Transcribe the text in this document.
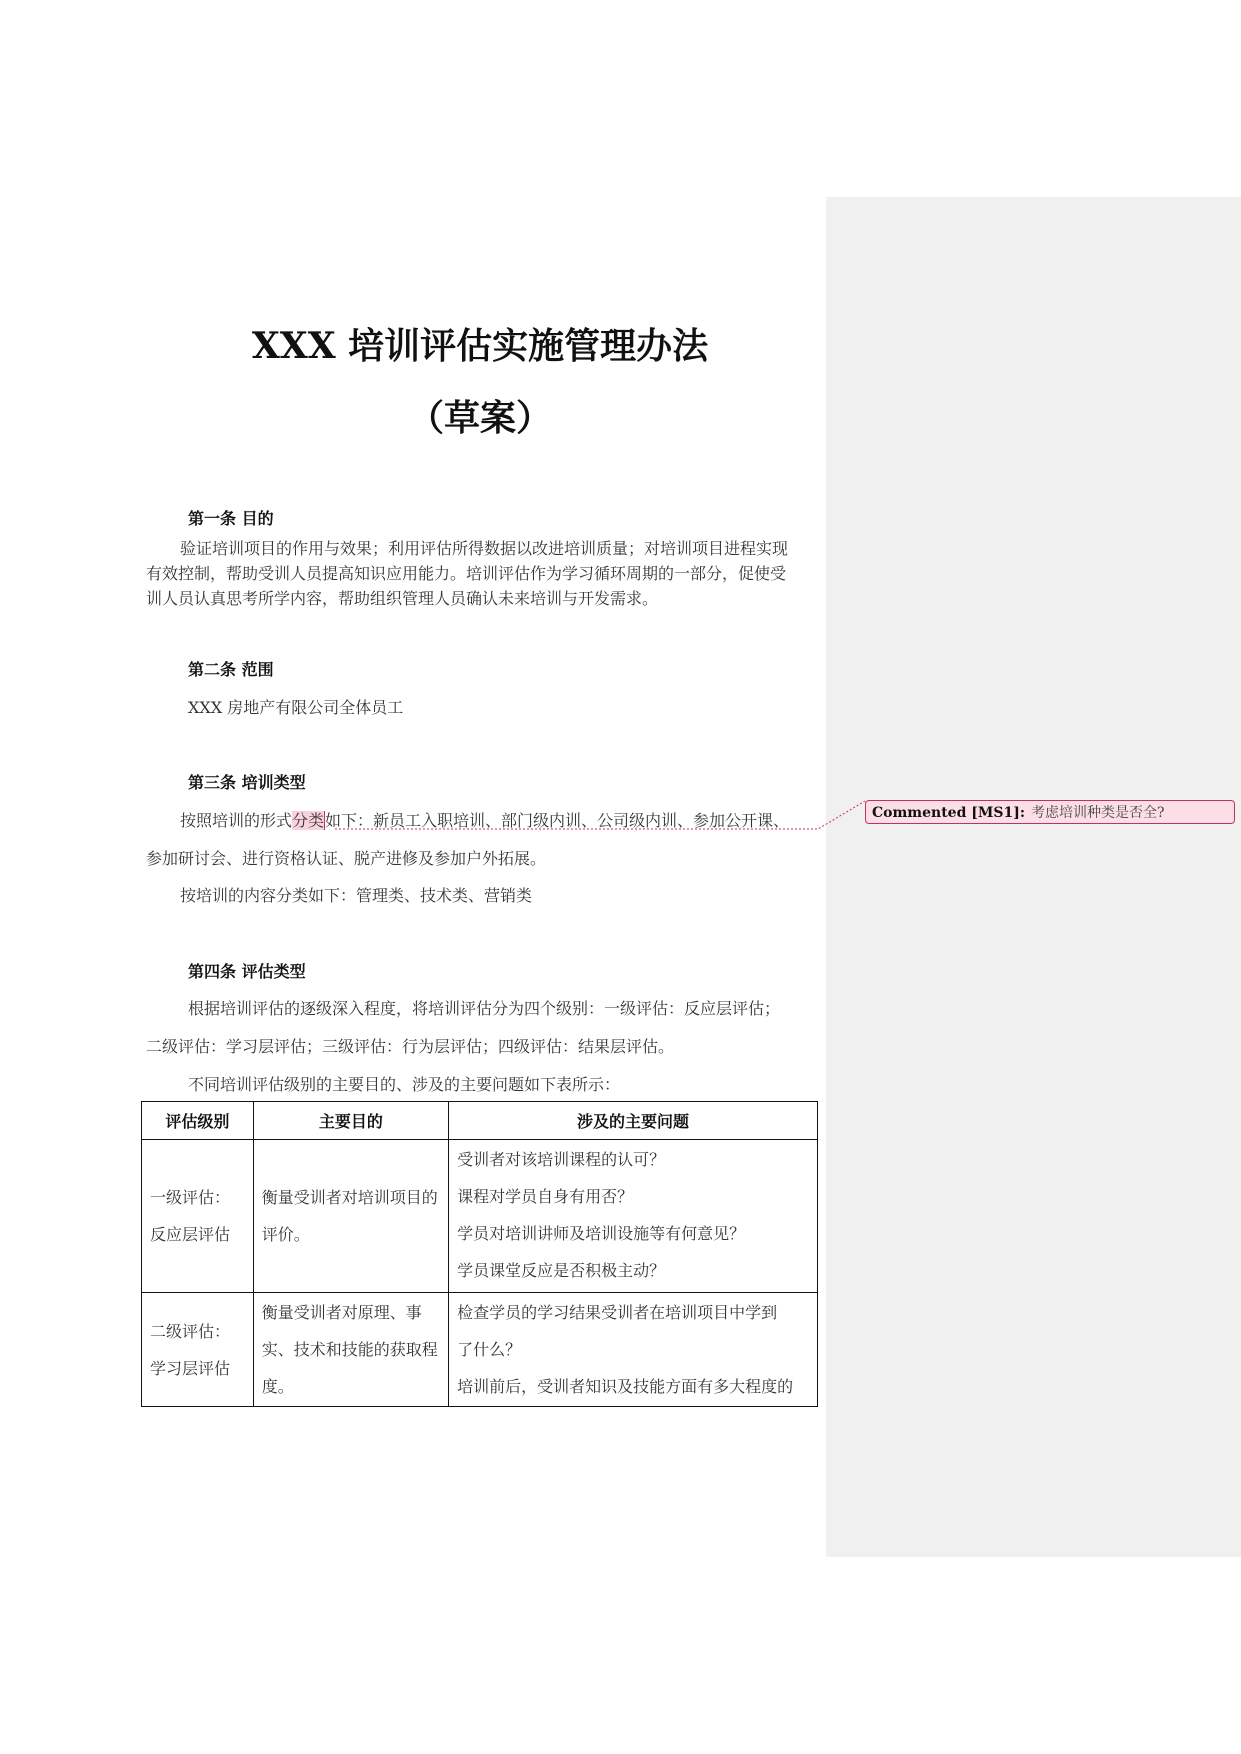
Commented [MS1]: 考虑培训种类是否全?
XXX 培训评估实施管理办法
（草案）
第一条 目的
验证培训项目的作用与效果；利用评估所得数据以改进培训质量；对培训项目进程实现
有效控制，帮助受训人员提高知识应用能力。培训评估作为学习循环周期的一部分，促使受
训人员认真思考所学内容，帮助组织管理人员确认未来培训与开发需求。
第二条 范围
XXX 房地产有限公司全体员工
第三条 培训类型
按照培训的形式分类如下：新员工入职培训、部门级内训、公司级内训、参加公开课、
参加研讨会、进行资格认证、脱产进修及参加户外拓展。
按培训的内容分类如下：管理类、技术类、营销类
第四条 评估类型
根据培训评估的逐级深入程度，将培训评估分为四个级别：一级评估：反应层评估；
二级评估：学习层评估；三级评估：行为层评估；四级评估：结果层评估。
不同培训评估级别的主要目的、涉及的主要问题如下表所示：
评估级别	主要目的	涉及的主要问题
一级评估：反应层评估	衡量受训者对培训项目的评价。	受训者对该培训课程的认可？
课程对学员自身有用否？
学员对培训讲师及培训设施等有何意见？
学员课堂反应是否积极主动？

二级评估：学习层评估	衡量受训者对原理、事实、技术和技能的获取程度。	检查学员的学习结果受训者在培训项目中学到
了什么？
培训前后，受训者知识及技能方面有多大程度的
